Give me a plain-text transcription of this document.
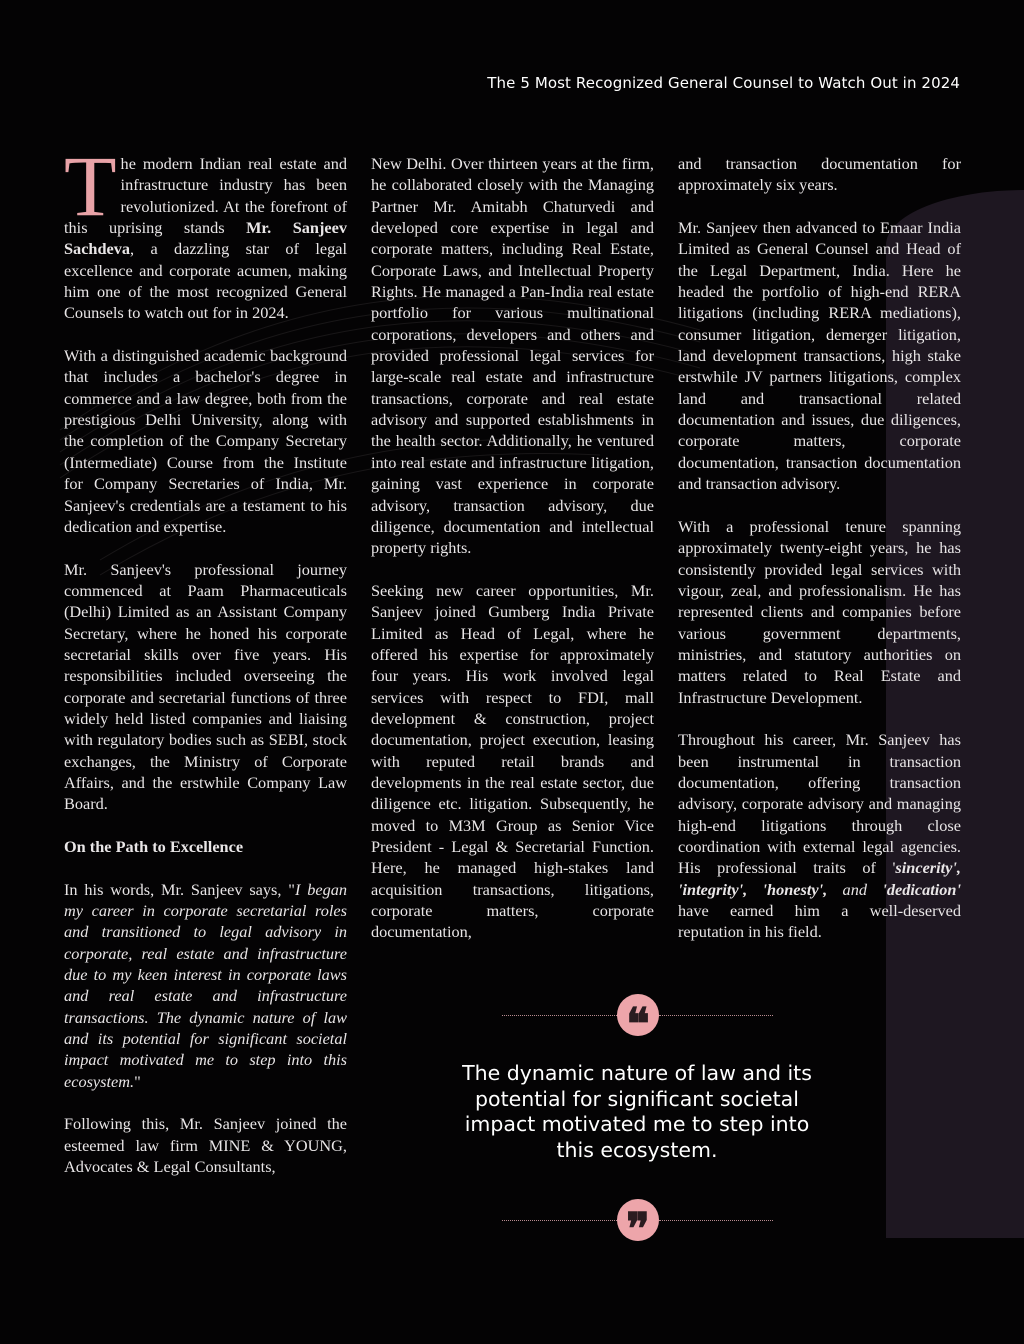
The 5 Most Recognized General Counsel to Watch Out in 2024

The modern Indian real estate and infrastructure industry has been revolutionized. At the forefront of this uprising stands Mr. Sanjeev Sachdeva, a dazzling star of legal excellence and corporate acumen, making him one of the most recognized General Counsels to watch out for in 2024.

With a distinguished academic background that includes a bachelor's degree in commerce and a law degree, both from the prestigious Delhi University, along with the completion of the Company Secretary (Intermediate) Course from the Institute for Company Secretaries of India, Mr. Sanjeev's credentials are a testament to his dedication and expertise.

Mr. Sanjeev's professional journey commenced at Paam Pharmaceuticals (Delhi) Limited as an Assistant Company Secretary, where he honed his corporate secretarial skills over five years. His responsibilities included overseeing the corporate and secretarial functions of three widely held listed companies and liaising with regulatory bodies such as SEBI, stock exchanges, the Ministry of Corporate Affairs, and the erstwhile Company Law Board.

On the Path to Excellence

In his words, Mr. Sanjeev says, "I began my career in corporate secretarial roles and transitioned to legal advisory in corporate, real estate and infrastructure due to my keen interest in corporate laws and real estate and infrastructure transactions. The dynamic nature of law and its potential for significant societal impact motivated me to step into this ecosystem."

Following this, Mr. Sanjeev joined the esteemed law firm MINE & YOUNG, Advocates & Legal Consultants,

New Delhi. Over thirteen years at the firm, he collaborated closely with the Managing Partner Mr. Amitabh Chaturvedi and developed core expertise in legal and corporate matters, including Real Estate, Corporate Laws, and Intellectual Property Rights. He managed a Pan-India real estate portfolio for various multinational corporations, developers and others and provided professional legal services for large-scale real estate and infrastructure transactions, corporate and real estate advisory and supported establishments in the health sector. Additionally, he ventured into real estate and infrastructure litigation, gaining vast experience in corporate advisory, transaction advisory, due diligence, documentation and intellectual property rights.

Seeking new career opportunities, Mr. Sanjeev joined Gumberg India Private Limited as Head of Legal, where he offered his expertise for approximately four years. His work involved legal services with respect to FDI, mall development & construction, project documentation, project execution, leasing with reputed retail brands and developments in the real estate sector, due diligence etc. litigation. Subsequently, he moved to M3M Group as Senior Vice President - Legal & Secretarial Function. Here, he managed high-stakes land acquisition transactions, litigations, corporate matters, corporate documentation,

and transaction documentation for approximately six years.

Mr. Sanjeev then advanced to Emaar India Limited as General Counsel and Head of the Legal Department, India. Here he headed the portfolio of high-end RERA litigations (including RERA mediations), consumer litigation, demerger litigation, land development transactions, high stake erstwhile JV partners litigations, complex land and transactional related documentation and issues, due diligences, corporate matters, corporate documentation, transaction documentation and transaction advisory.

With a professional tenure spanning approximately twenty-eight years, he has consistently provided legal services with vigour, zeal, and professionalism. He has represented clients and companies before various government departments, ministries, and statutory authorities on matters related to Real Estate and Infrastructure Development.

Throughout his career, Mr. Sanjeev has been instrumental in transaction documentation, offering transaction advisory, corporate advisory and managing high-end litigations through close coordination with external legal agencies. His professional traits of 'sincerity', 'integrity', 'honesty', and 'dedication' have earned him a well-deserved reputation in his field.

❝
The dynamic nature of law and its potential for significant societal impact motivated me to step into this ecosystem.
❞
